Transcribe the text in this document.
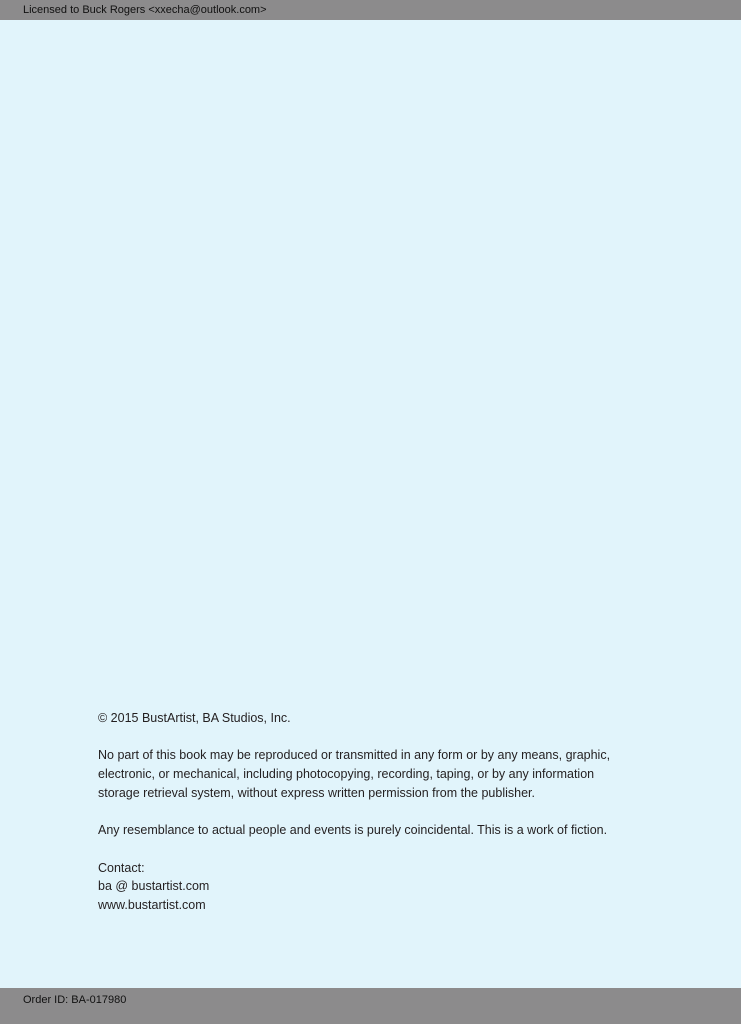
Licensed to Buck Rogers <xxecha@outlook.com>

© 2015 BustArtist, BA Studios, Inc.

No part of this book may be reproduced or transmitted in any form or by any means, graphic,
electronic, or mechanical, including photocopying, recording, taping, or by any information
storage retrieval system, without express written permission from the publisher.

Any resemblance to actual people and events is purely coincidental. This is a work of fiction.

Contact:
ba @ bustartist.com
www.bustartist.com

Order ID: BA-017980
